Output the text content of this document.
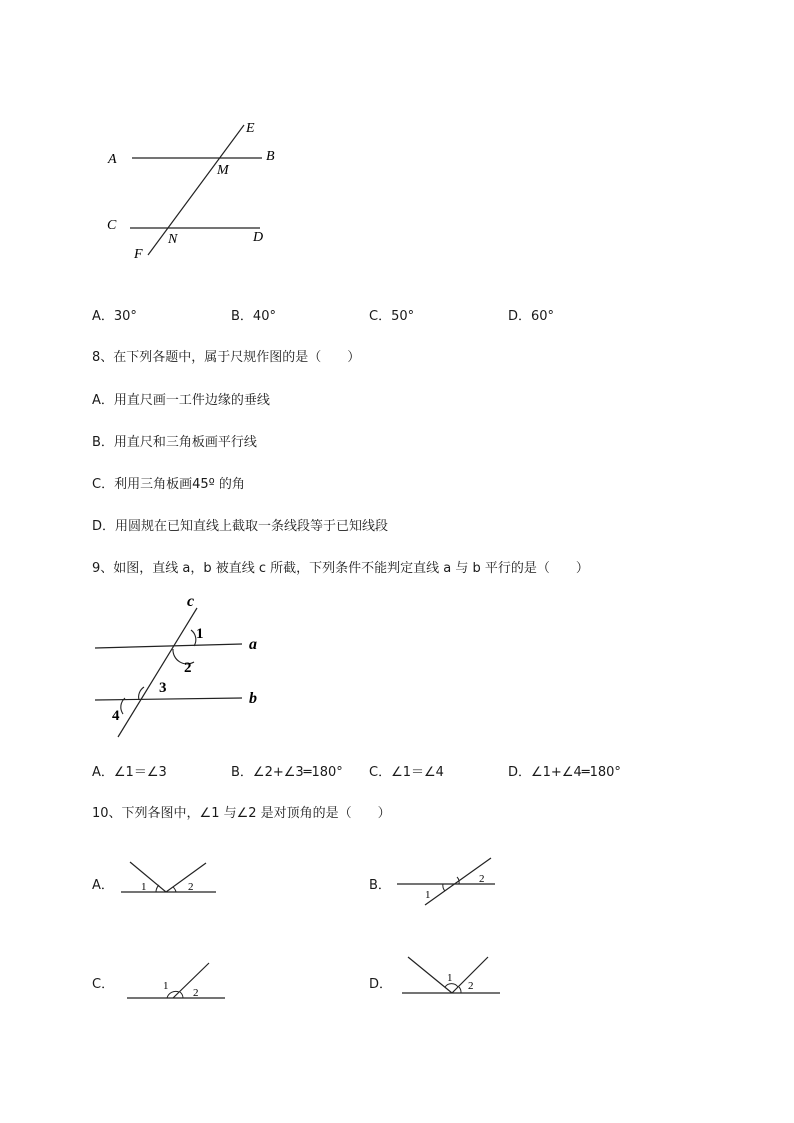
E
A
M
B
C
N	D
F
A．30°	B．40°	C．50°	D．60°
8、在下列各题中，属于尺规作图的是（　　）
A．用直尺画一工件边缘的垂线
B．用直尺和三角板画平行线
C．利用三角板画45º 的角
D．用圆规在已知直线上截取一条线段等于已知线段
9、如图，直线 a，b 被直线 c 所截，下列条件不能判定直线 a 与 b 平行的是（　　）
c
a
b
1
2
3
4
A．∠1＝∠3	B．∠2+∠3═180° C．∠1＝∠4	D．∠1+∠4═180°
10、下列各图中，∠1 与∠2 是对顶角的是（　　）
A． 1	2	B．
1
2
C．	1
2
D．	1
2
